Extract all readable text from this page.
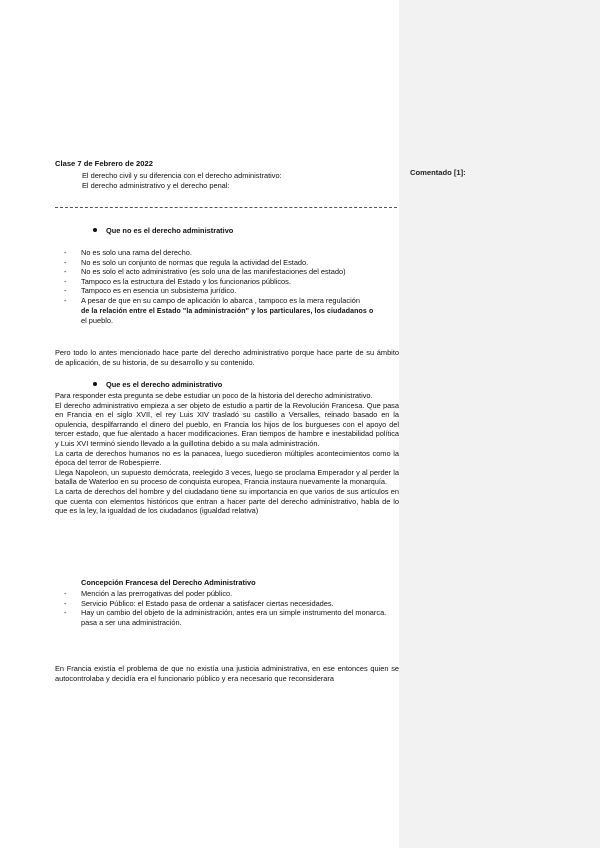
Comentado [1]:
Clase 7 de Febrero de 2022
El derecho civil y su diferencia con el derecho administrativo:
El derecho administrativo y el derecho penal:
Que no es el derecho administrativo
- No es solo una rama del derecho.
- No es solo un conjunto de normas que regula la actividad del Estado.
- No es solo el acto administrativo (es solo una de las manifestaciones del estado)
- Tampoco es la estructura del Estado y los funcionarios públicos.
- Tampoco es en esencia un subsistema jurídico.
- A pesar de que en su campo de aplicación lo abarca , tampoco es la mera regulación
de la relación entre el Estado "la administración" y los particulares, los ciudadanos o
el pueblo.
Pero todo lo antes mencionado hace parte del derecho administrativo porque hace parte de su ámbito de aplicación, de su historia, de su desarrollo y su contenido.
Que es el derecho administrativo
Para responder esta pregunta se debe estudiar un poco de la historia del derecho administrativo.
El derecho administrativo empieza a ser objeto de estudio a partir de la Revolución Francesa. Que pasa en Francia en el siglo XVII, el rey Luis XIV trasladó su castillo a Versalles, reinado basado en la opulencia, despilfarrando el dinero del pueblo, en Francia los hijos de los burgueses con el apoyo del tercer estado, que fue alentado a hacer modificaciones. Eran tiempos de hambre e inestabilidad política y Luis XVI terminó siendo llevado a la guillotina debido a su mala administración.
La carta de derechos humanos no es la panacea, luego sucedieron múltiples acontecimientos como la época del terror de Robespierre.
Llega Napoleon, un supuesto demócrata, reelegido 3 veces, luego se proclama Emperador y al perder la batalla de Waterloo en su proceso de conquista europea, Francia instaura nuevamente la monarquía.
La carta de derechos del hombre y del ciudadano tiene su importancia en que varios de sus artículos en que cuenta con elementos históricos que entran a hacer parte del derecho administrativo, habla de lo que es la ley, la igualdad de los ciudadanos (igualdad relativa)
Concepción Francesa del Derecho Administrativo
- Mención a las prerrogativas del poder público.
- Servicio Público: el Estado pasa de ordenar a satisfacer ciertas necesidades.
- Hay un cambio del objeto de la administración, antes era un simple instrumento del monarca. pasa a ser una administración.
En Francia existía el problema de que no existía una justicia administrativa, en ese entonces quien se autocontrolaba y decidía era el funcionario público y era necesario que reconsiderara
